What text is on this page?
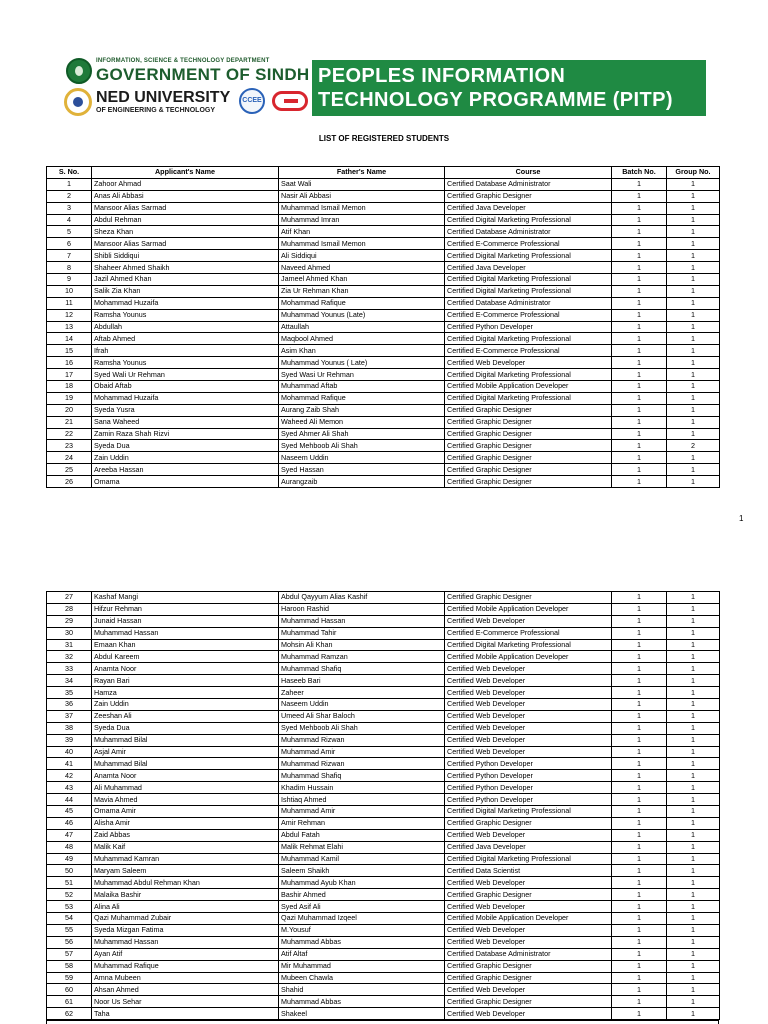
INFORMATION, SCIENCE & TECHNOLOGY DEPARTMENT
GOVERNMENT OF SINDH
NED UNIVERSITY
OF ENGINEERING & TECHNOLOGY
CCEE
PEOPLES INFORMATION
TECHNOLOGY PROGRAMME (PITP)
LIST OF REGISTERED STUDENTS
S. No.	Applicant's Name	Father's Name	Course	Batch No.	Group No.
1	Zahoor Ahmad	Saat Wali	Certified Database Administrator	1	1
2	Anas Ali Abbasi	Nasir Ali Abbasi	Certified Graphic Designer	1	1
3	Mansoor Alias Sarmad	Muhammad Ismail Memon	Certified Java Developer	1	1
4	Abdul Rehman	Muhammad Imran	Certified Digital Marketing Professional	1	1
5	Sheza Khan	Atif Khan	Certified Database Administrator	1	1
6	Mansoor Alias Sarmad	Muhammad Ismail Memon	Certified E-Commerce Professional	1	1
7	Shibli Siddiqui	Ali Siddiqui	Certified Digital Marketing Professional	1	1
8	Shaheer Ahmed Shaikh	Naveed Ahmed	Certified Java Developer	1	1
9	Jazil Ahmed Khan	Jameel Ahmed Khan	Certified Digital Marketing Professional	1	1
10	Salik Zia Khan	Zia Ur Rehman Khan	Certified Digital Marketing Professional	1	1
11	Mohammad Huzaifa	Mohammad Rafique	Certified Database Administrator	1	1
12	Ramsha Younus	Muhammad Younus (Late)	Certified E-Commerce Professional	1	1
13	Abdullah	Attaullah	Certified Python Developer	1	1
14	Aftab Ahmed	Maqbool Ahmed	Certified Digital Marketing Professional	1	1
15	Ifrah	Asim Khan	Certified E-Commerce Professional	1	1
16	Ramsha Younus	Muhammad Younus ( Late)	Certified Web Developer	1	1
17	Syed Wali Ur Rehman	Syed Wasi Ur Rehman	Certified Digital Marketing Professional	1	1
18	Obaid Aftab	Muhammad Aftab	Certified Mobile Application Developer	1	1
19	Mohammad Huzaifa	Mohammad Rafique	Certified Digital Marketing Professional	1	1
20	Syeda Yusra	Aurang Zaib Shah	Certified Graphic Designer	1	1
21	Sana Waheed	Waheed Ali Memon	Certified Graphic Designer	1	1
22	Zamin Raza Shah Rizvi	Syed Ahmer Ali Shah	Certified Graphic Designer	1	1
23	Syeda Dua	Syed Mehboob Ali Shah	Certified Graphic Designer	1	2
24	Zain Uddin	Naseem Uddin	Certified Graphic Designer	1	1
25	Areeba Hassan	Syed Hassan	Certified Graphic Designer	1	1
26	Omama	Aurangzaib	Certified Graphic Designer	1	1
1
27	Kashaf Mangi	Abdul Qayyum Alias Kashif	Certified Graphic Designer	1	1
28	Hifzur Rehman	Haroon Rashid	Certified Mobile Application Developer	1	1
29	Junaid Hassan	Muhammad Hassan	Certified Web Developer	1	1
30	Muhammad Hassan	Muhammad Tahir	Certified E-Commerce Professional	1	1
31	Emaan Khan	Mohsin Ali Khan	Certified Digital Marketing Professional	1	1
32	Abdul Kareem	Muhammad Ramzan	Certified Mobile Application Developer	1	1
33	Anamta Noor	Muhammad Shafiq	Certified Web Developer	1	1
34	Rayan Bari	Haseeb Bari	Certified Web Developer	1	1
35	Hamza	Zaheer	Certified Web Developer	1	1
36	Zain Uddin	Naseem Uddin	Certified Web Developer	1	1
37	Zeeshan Ali	Umeed Ali Shar Baloch	Certified Web Developer	1	1
38	Syeda Dua	Syed Mehboob Ali Shah	Certified Web Developer	1	1
39	Muhammad Bilal	Muhammad Rizwan	Certified Web Developer	1	1
40	Asjal Amir	Muhammad Amir	Certified Web Developer	1	1
41	Muhammad Bilal	Muhammad Rizwan	Certified Python Developer	1	1
42	Anamta Noor	Muhammad Shafiq	Certified Python Developer	1	1
43	Ali Muhammad	Khadim Hussain	Certified Python Developer	1	1
44	Mavia Ahmed	Ishtiaq Ahmed	Certified Python Developer	1	1
45	Omama Amir	Muhammad Amir	Certified Digital Marketing Professional	1	1
46	Alisha Amir	Amir Rehman	Certified Graphic Designer	1	1
47	Zaid Abbas	Abdul Fatah	Certified Web Developer	1	1
48	Malik Kaif	Malik Rehmat Elahi	Certified Java Developer	1	1
49	Muhammad Kamran	Muhammad Kamil	Certified Digital Marketing Professional	1	1
50	Maryam Saleem	Saleem Shaikh	Certified Data Scientist	1	1
51	Muhammad Abdul Rehman Khan	Muhammad Ayub Khan	Certified Web Developer	1	1
52	Malaika Bashir	Bashir Ahmed	Certified Graphic Designer	1	1
53	Alina Ali	Syed Asif Ali	Certified Web Developer	1	1
54	Qazi Muhammad Zubair	Qazi Muhammad Izqeel	Certified Mobile Application Developer	1	1
55	Syeda Mizgan Fatima	M.Yousuf	Certified Web Developer	1	1
56	Muhammad Hassan	Muhammad Abbas	Certified Web Developer	1	1
57	Ayan Atif	Atif Altaf	Certified Database Administrator	1	1
58	Muhammad Rafique	Mir Muhammad	Certified Graphic Designer	1	1
59	Amna Mubeen	Mubeen Chawla	Certified Graphic Designer	1	1
60	Ahsan Ahmed	Shahid	Certified Web Developer	1	1
61	Noor Us Sehar	Muhammad Abbas	Certified Graphic Designer	1	1
62	Taha	Shakeel	Certified Web Developer	1	1
